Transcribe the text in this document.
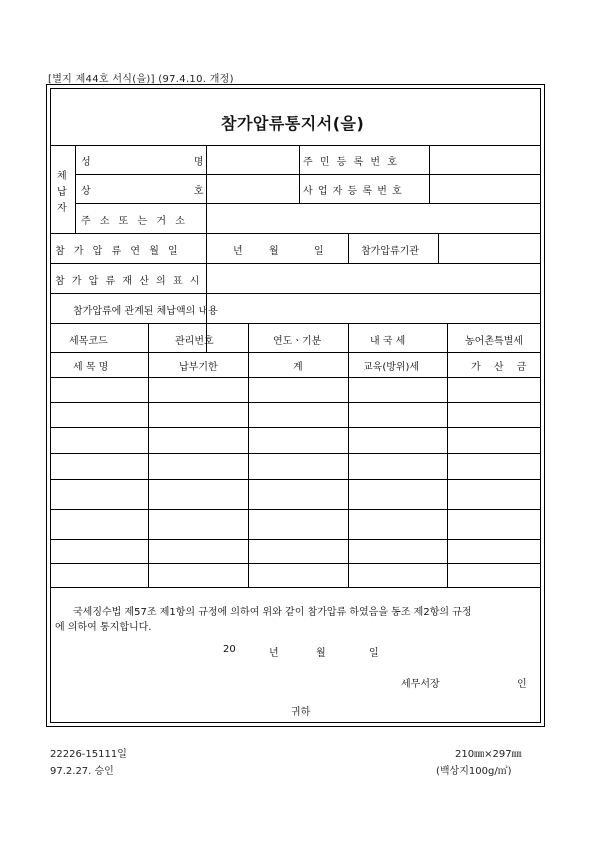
[별지 제44호 서식(을)] (97.4.10. 개정)
참가압류통지서(을)
체
납
자
성 명	주 민 등 록 번 호
상 호	사 업 자 등 록 번 호
주 소 또 는 거 소
참 가 압 류 연 월 일	년	월	일	참가압류기관
참 가 압 류 재 산 의 표 시
참가압류에 관계된 체납액의 내용
세목코드	관리번호	연도ㆍ기분	내 국 세	농어촌특별세
세 목 명	납부기한	계	교육(방위)세	가 산 금
국세징수법 제57조 제1항의 규정에 의하여 위와 같이 참가압류 하였음을 동조 제2항의 규정
에 의하여 통지합니다.
20	년	월	일
세무서장	인
귀하
22226-15111일
97.2.27. 승인
210㎜×297㎜
(백상지100g/㎡)
